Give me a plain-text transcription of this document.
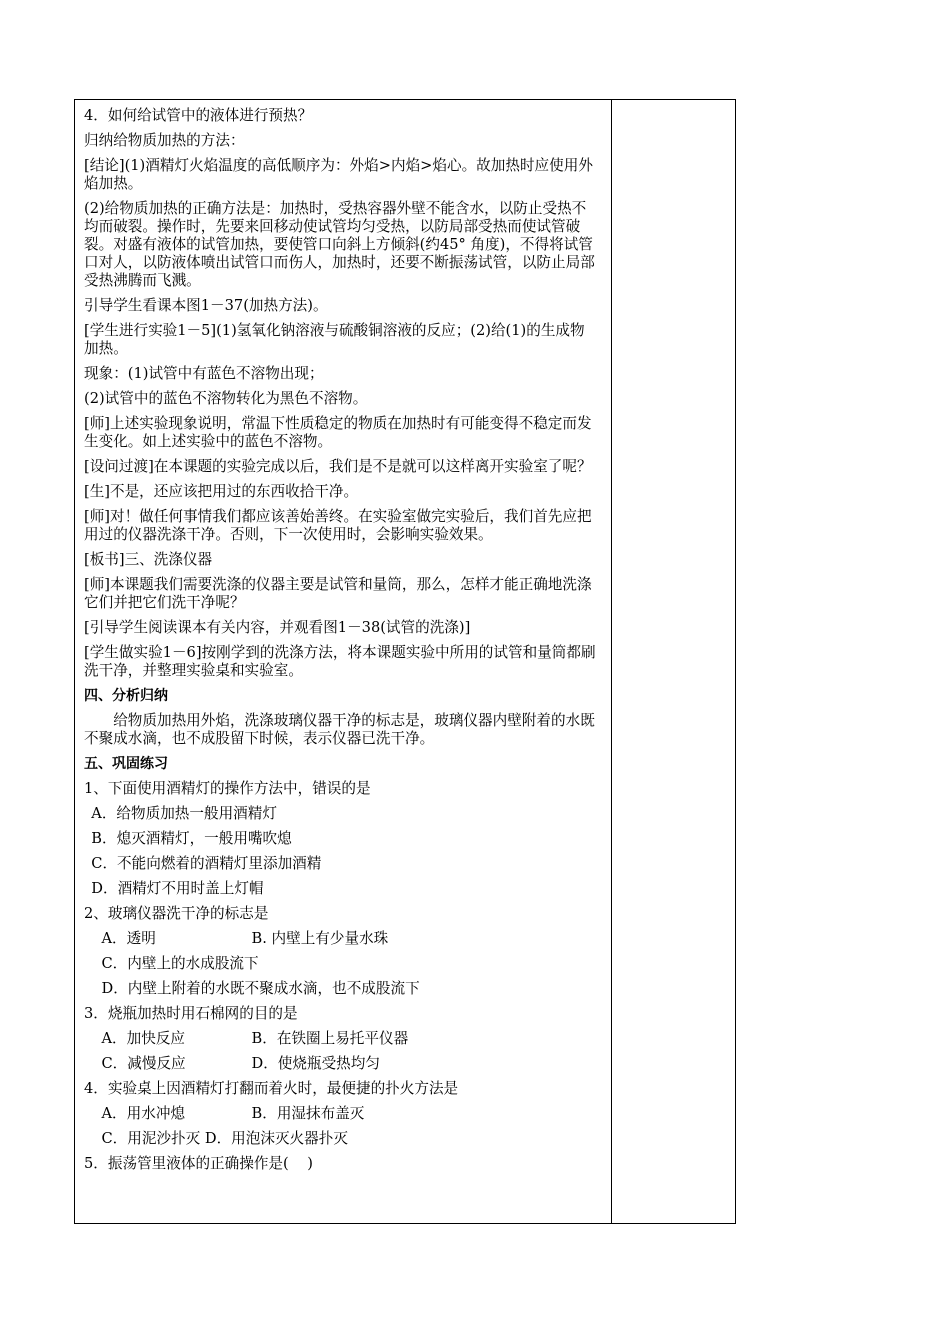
4．如何给试管中的液体进行预热？

归纳给物质加热的方法：

[结论](1)酒精灯火焰温度的高低顺序为：外焰>内焰>焰心。故加热时应使用外焰加热。

(2)给物质加热的正确方法是：加热时，受热容器外壁不能含水，以防止受热不均而破裂。操作时，先要来回移动使试管均匀受热，以防局部受热而使试管破裂。对盛有液体的试管加热，要使管口向斜上方倾斜(约45° 角度)，不得将试管口对人，以防液体喷出试管口而伤人，加热时，还要不断振荡试管，以防止局部受热沸腾而飞溅。

引导学生看课本图1－37(加热方法)。

[学生进行实验1－5](1)氢氧化钠溶液与硫酸铜溶液的反应；(2)给(1)的生成物加热。

现象：(1)试管中有蓝色不溶物出现；

(2)试管中的蓝色不溶物转化为黑色不溶物。

[师]上述实验现象说明，常温下性质稳定的物质在加热时有可能变得不稳定而发生变化。如上述实验中的蓝色不溶物。

[设问过渡]在本课题的实验完成以后，我们是不是就可以这样离开实验室了呢？

[生]不是，还应该把用过的东西收拾干净。

[师]对！做任何事情我们都应该善始善终。在实验室做完实验后，我们首先应把用过的仪器洗涤干净。否则，下一次使用时，会影响实验效果。

[板书]三、洗涤仪器

[师]本课题我们需要洗涤的仪器主要是试管和量筒，那么，怎样才能正确地洗涤它们并把它们洗干净呢？

[引导学生阅读课本有关内容，并观看图1－38(试管的洗涤)]

[学生做实验1－6]按刚学到的洗涤方法，将本课题实验中所用的试管和量筒都刷洗干净，并整理实验桌和实验室。

四、分析归纳

给物质加热用外焰，洗涤玻璃仪器干净的标志是，玻璃仪器内壁附着的水既不聚成水滴，也不成股留下时候，表示仪器已洗干净。

五、巩固练习

1、下面使用酒精灯的操作方法中，错误的是

A．给物质加热一般用酒精灯

B．熄灭酒精灯，一般用嘴吹熄

C．不能向燃着的酒精灯里添加酒精

D．酒精灯不用时盖上灯帽

2、玻璃仪器洗干净的标志是

A．透明	B. 内壁上有少量水珠

C．内壁上的水成股流下

D．内壁上附着的水既不聚成水滴，也不成股流下

3．烧瓶加热时用石棉网的目的是

A．加快反应	B．在铁圈上易托平仪器

C．减慢反应	D．使烧瓶受热均匀

4．实验桌上因酒精灯打翻而着火时，最便捷的扑火方法是

A．用水冲熄	B．用湿抹布盖灭

C．用泥沙扑灭 D．用泡沫灭火器扑灭

5．振荡管里液体的正确操作是(    )
